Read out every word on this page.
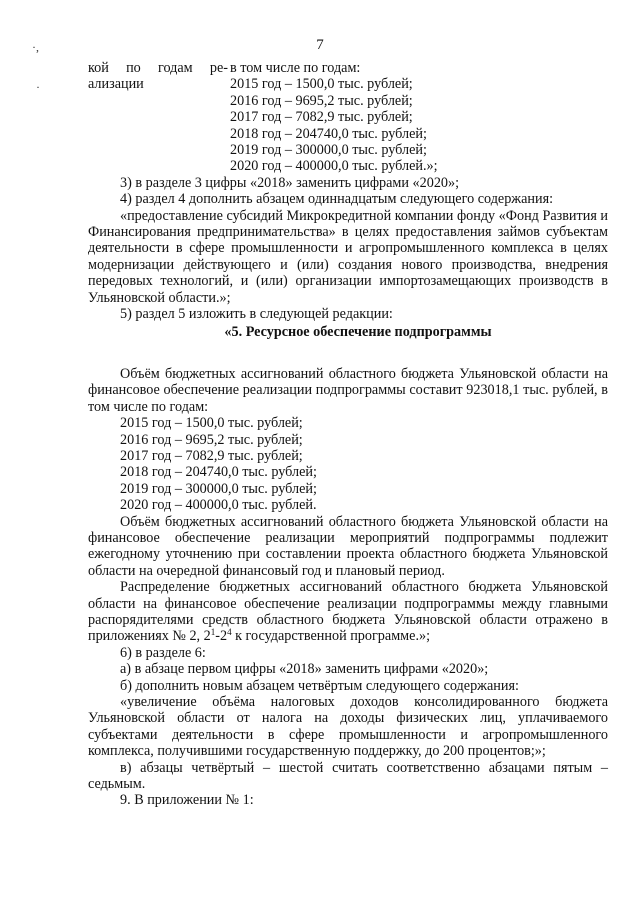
7
·,
·
кой по годам ре-
ализации
в том числе по годам:
2015 год – 1500,0 тыс. рублей;
2016 год – 9695,2 тыс. рублей;
2017 год – 7082,9 тыс. рублей;
2018 год – 204740,0 тыс. рублей;
2019 год – 300000,0 тыс. рублей;
2020 год – 400000,0 тыс. рублей.»;
3) в разделе 3 цифры «2018» заменить цифрами «2020»;
4) раздел 4 дополнить абзацем одиннадцатым следующего содержания:
«предоставление субсидий Микрокредитной компании фонду «Фонд Развития и Финансирования предпринимательства» в целях предоставления займов субъектам деятельности в сфере промышленности и агропромышленного комплекса в целях модернизации действующего и (или) создания нового производства, внедрения передовых технологий, и (или) организации импортозамещающих производств в Ульяновской области.»;
5) раздел 5 изложить в следующей редакции:
«5. Ресурсное обеспечение подпрограммы
Объём бюджетных ассигнований областного бюджета Ульяновской области на финансовое обеспечение реализации подпрограммы составит 923018,1 тыс. рублей, в том числе по годам:
2015 год – 1500,0 тыс. рублей;
2016 год – 9695,2 тыс. рублей;
2017 год – 7082,9 тыс. рублей;
2018 год – 204740,0 тыс. рублей;
2019 год – 300000,0 тыс. рублей;
2020 год – 400000,0 тыс. рублей.
Объём бюджетных ассигнований областного бюджета Ульяновской области на финансовое обеспечение реализации мероприятий подпрограммы подлежит ежегодному уточнению при составлении проекта областного бюджета Ульяновской области на очередной финансовый год и плановый период.
Распределение бюджетных ассигнований областного бюджета Ульяновской области на финансовое обеспечение реализации подпрограммы между главными распорядителями средств областного бюджета Ульяновской области отражено в приложениях № 2, $2^1-2^4$ к государственной программе.»;
6) в разделе 6:
а) в абзаце первом цифры «2018» заменить цифрами «2020»;
б) дополнить новым абзацем четвёртым следующего содержания:
«увеличение объёма налоговых доходов консолидированного бюджета Ульяновской области от налога на доходы физических лиц, уплачиваемого субъектами деятельности в сфере промышленности и агропромышленного комплекса, получившими государственную поддержку, до 200 процентов;»;
в) абзацы четвёртый – шестой считать соответственно абзацами пятым – седьмым.
9. В приложении № 1:
